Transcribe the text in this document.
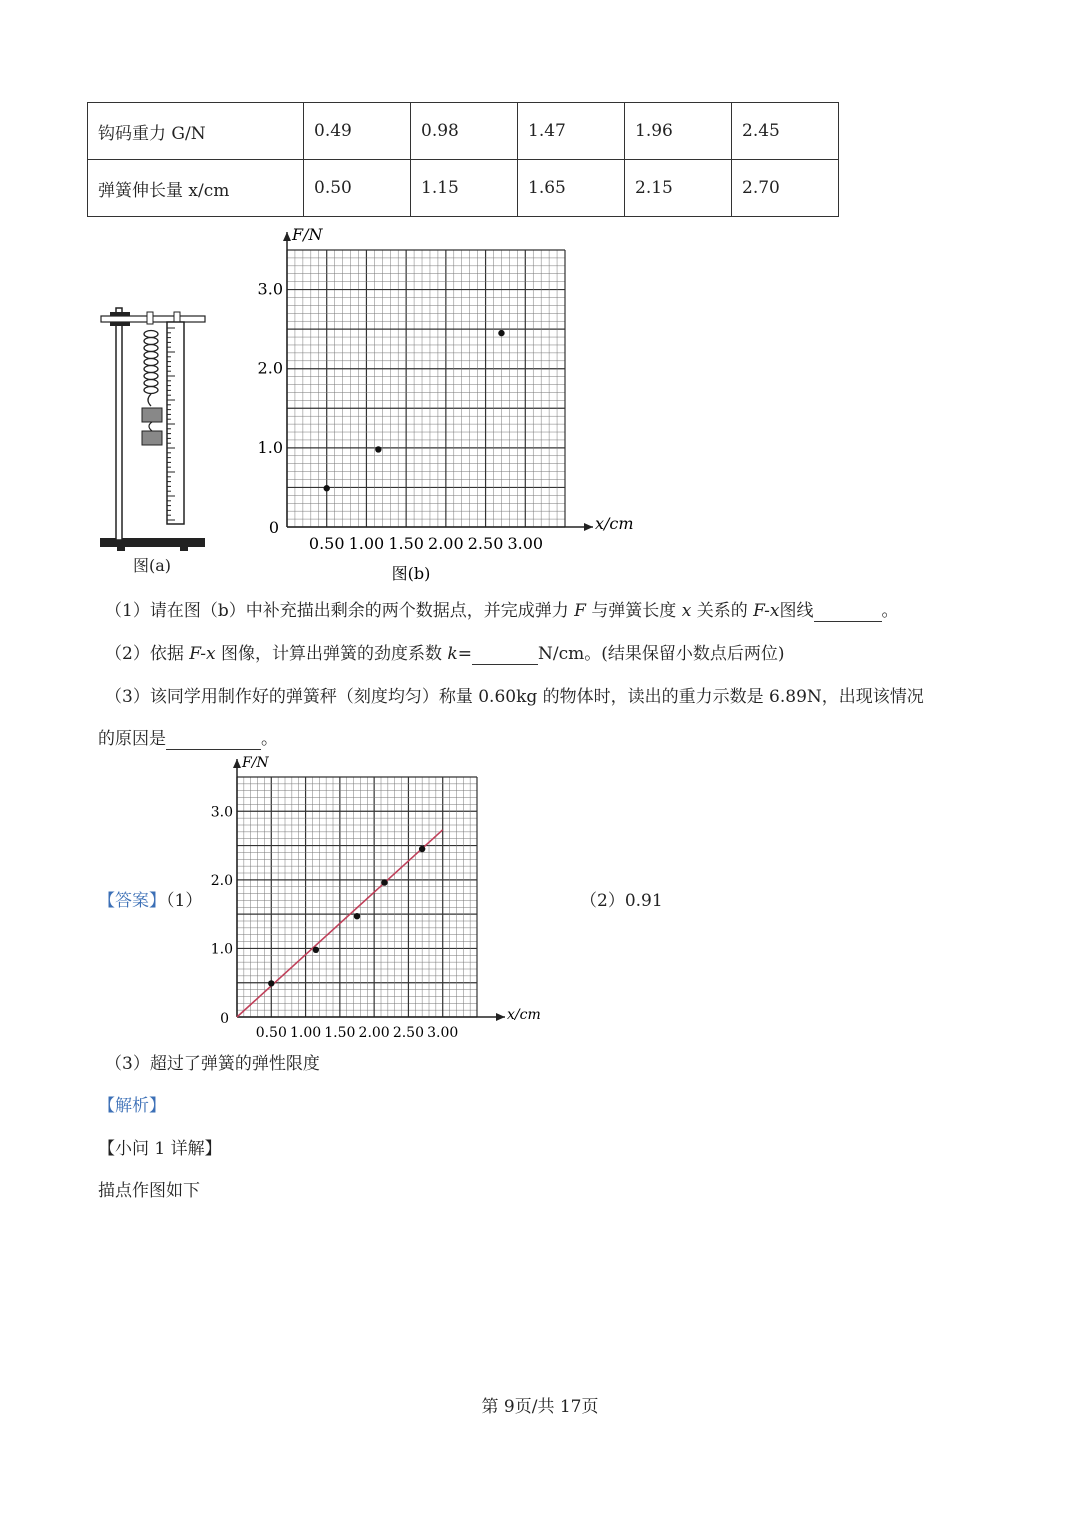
钩码重力 G/N	0.49	0.98	1.47	1.96	2.45
弹簧伸长量 x/cm	0.50	1.15	1.65	2.15	2.70
图(a)
0.50 1.00 1.50 2.00 2.50 3.00
1.0
2.0
3.0
0
F/N
x/cm
图(b)
（1）请在图（b）中补充描出剩余的两个数据点，并完成弹力 F 与弹簧长度 x 关系的 F-x图线	。
（2）依据 F-x 图像，计算出弹簧的劲度系数 k=	N/cm。(结果保留小数点后两位)
（3）该同学用制作好的弹簧秤（刻度均匀）称量 0.60kg 的物体时，读出的重力示数是 6.89N，出现该情况
的原因是	。
【答案】（1）
0.50 1.00 1.50 2.00 2.50 3.00
1.0
2.0
3.0
0
F/N
x/cm
（2）0.91
（3）超过了弹簧的弹性限度
【解析】
【小问 1 详解】
描点作图如下
第 9页/共 17页
